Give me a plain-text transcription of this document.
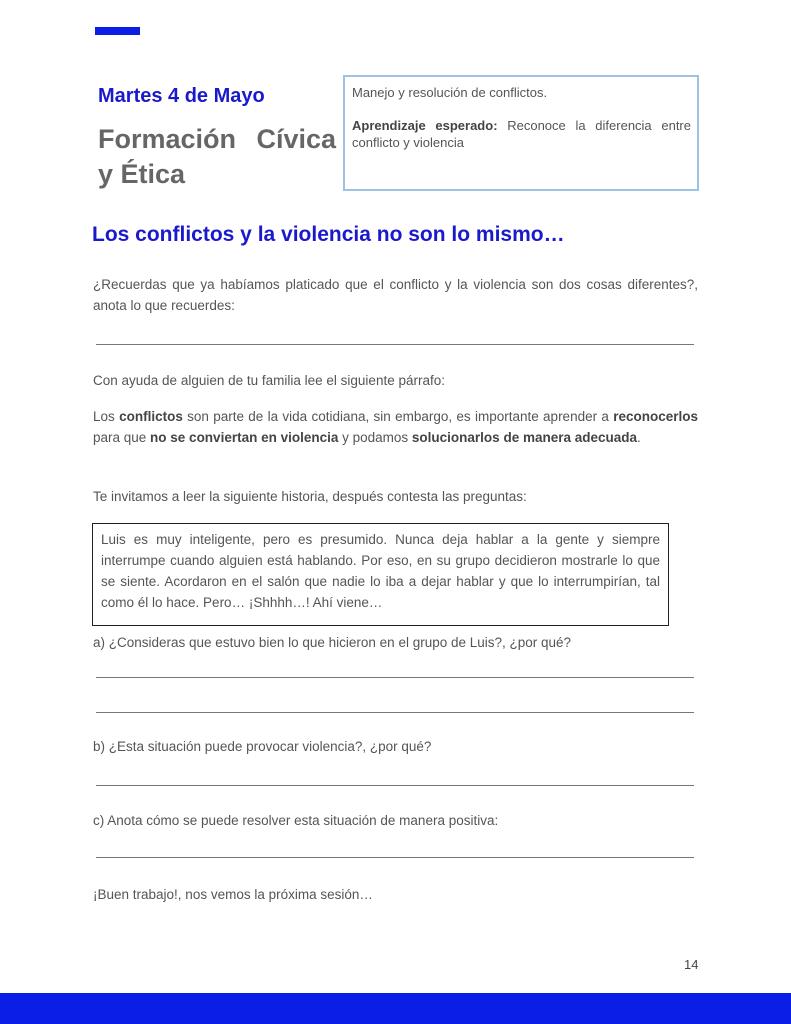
Martes 4 de Mayo
Formación Cívica y Ética

Manejo y resolución de conflictos.

Aprendizaje esperado: Reconoce la diferencia entre conflicto y violencia

Los conflictos y la violencia no son lo mismo…

¿Recuerdas que ya habíamos platicado que el conflicto y la violencia son dos cosas diferentes?, anota lo que recuerdes:

Con ayuda de alguien de tu familia lee el siguiente párrafo:

Los conflictos son parte de la vida cotidiana, sin embargo, es importante aprender a reconocerlos para que no se conviertan en violencia y podamos solucionarlos de manera adecuada.

Te invitamos a leer la siguiente historia, después contesta las preguntas:

Luis es muy inteligente, pero es presumido. Nunca deja hablar a la gente y siempre interrumpe cuando alguien está hablando. Por eso, en su grupo decidieron mostrarle lo que se siente. Acordaron en el salón que nadie lo iba a dejar hablar y que lo interrumpirían, tal como él lo hace. Pero… ¡Shhhh…! Ahí viene…

a) ¿Consideras que estuvo bien lo que hicieron en el grupo de Luis?, ¿por qué?

b) ¿Esta situación puede provocar violencia?, ¿por qué?

c) Anota cómo se puede resolver esta situación de manera positiva:

¡Buen trabajo!, nos vemos la próxima sesión…

14
